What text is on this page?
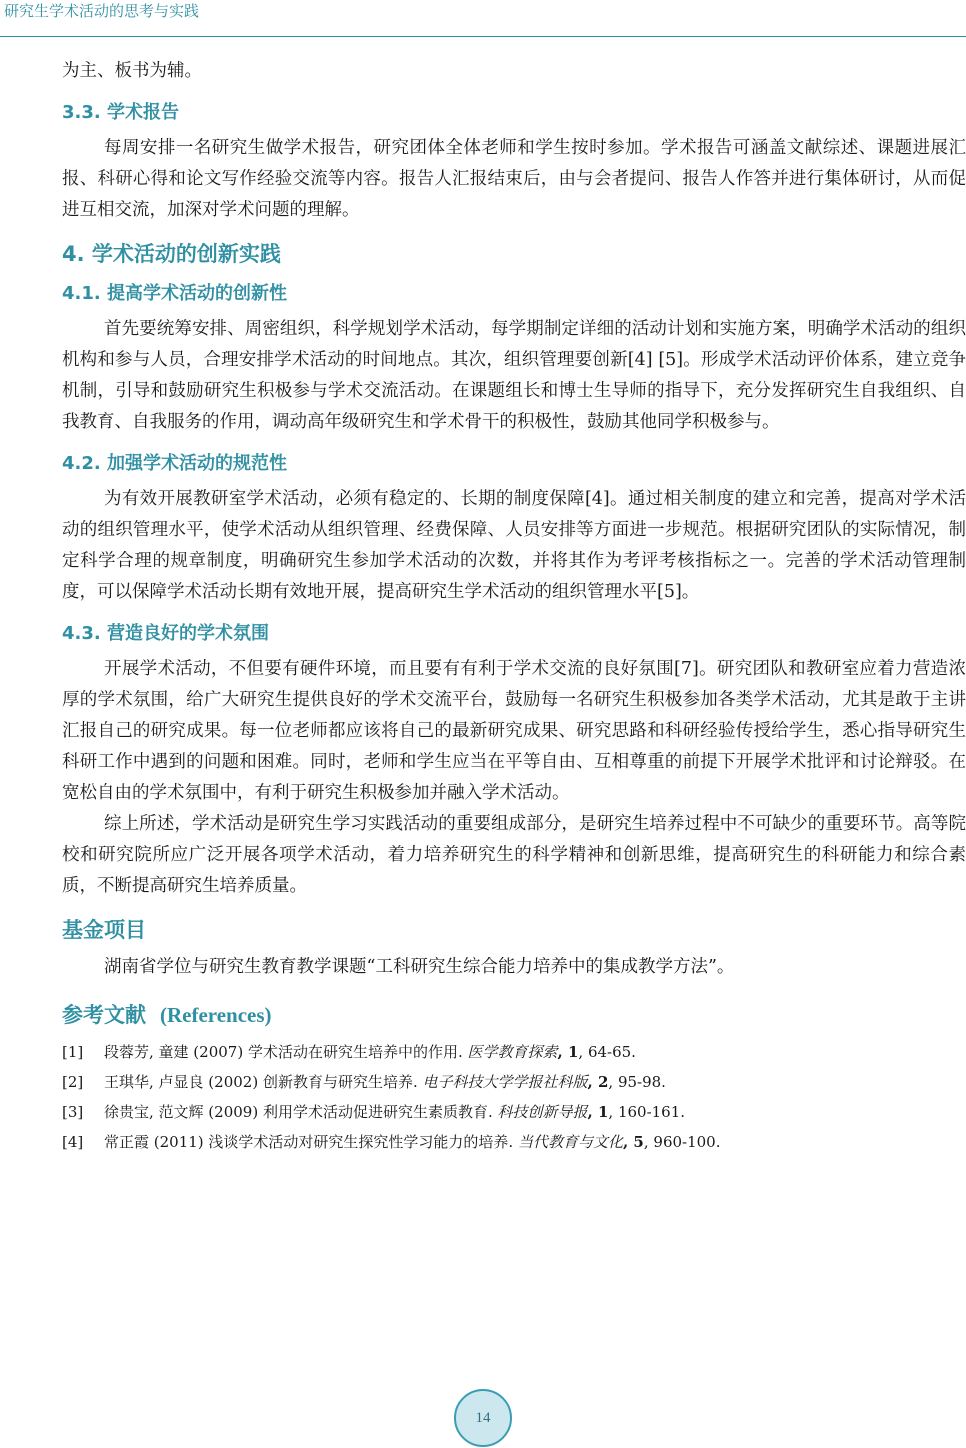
研究生学术活动的思考与实践

为主、板书为辅。

3.3. 学术报告

每周安排一名研究生做学术报告，研究团体全体老师和学生按时参加。学术报告可涵盖文献综述、课题进展汇报、科研心得和论文写作经验交流等内容。报告人汇报结束后，由与会者提问、报告人作答并进行集体研讨，从而促进互相交流，加深对学术问题的理解。

4. 学术活动的创新实践
4.1. 提高学术活动的创新性

首先要统筹安排、周密组织，科学规划学术活动，每学期制定详细的活动计划和实施方案，明确学术活动的组织机构和参与人员，合理安排学术活动的时间地点。其次，组织管理要创新[4] [5]。形成学术活动评价体系，建立竞争机制，引导和鼓励研究生积极参与学术交流活动。在课题组长和博士生导师的指导下，充分发挥研究生自我组织、自我教育、自我服务的作用，调动高年级研究生和学术骨干的积极性，鼓励其他同学积极参与。

4.2. 加强学术活动的规范性

为有效开展教研室学术活动，必须有稳定的、长期的制度保障[4]。通过相关制度的建立和完善，提高对学术活动的组织管理水平，使学术活动从组织管理、经费保障、人员安排等方面进一步规范。根据研究团队的实际情况，制定科学合理的规章制度，明确研究生参加学术活动的次数，并将其作为考评考核指标之一。完善的学术活动管理制度，可以保障学术活动长期有效地开展，提高研究生学术活动的组织管理水平[5]。

4.3. 营造良好的学术氛围

开展学术活动，不但要有硬件环境，而且要有有利于学术交流的良好氛围[7]。研究团队和教研室应着力营造浓厚的学术氛围，给广大研究生提供良好的学术交流平台，鼓励每一名研究生积极参加各类学术活动，尤其是敢于主讲汇报自己的研究成果。每一位老师都应该将自己的最新研究成果、研究思路和科研经验传授给学生，悉心指导研究生科研工作中遇到的问题和困难。同时，老师和学生应当在平等自由、互相尊重的前提下开展学术批评和讨论辩驳。在宽松自由的学术氛围中，有利于研究生积极参加并融入学术活动。

综上所述，学术活动是研究生学习实践活动的重要组成部分，是研究生培养过程中不可缺少的重要环节。高等院校和研究院所应广泛开展各项学术活动，着力培养研究生的科学精神和创新思维，提高研究生的科研能力和综合素质，不断提高研究生培养质量。

基金项目

湖南省学位与研究生教育教学课题“工科研究生综合能力培养中的集成教学方法”。

参考文献 (References)
[1]	段蓉芳, 童建 (2007) 学术活动在研究生培养中的作用. 医学教育探索, 1, 64-65.
[2]	王琪华, 卢显良 (2002) 创新教育与研究生培养. 电子科技大学学报社科版, 2, 95-98.
[3]	徐贵宝, 范文辉 (2009) 利用学术活动促进研究生素质教育. 科技创新导报, 1, 160-161.
[4]	常正霞 (2011) 浅谈学术活动对研究生探究性学习能力的培养. 当代教育与文化, 5, 960-100.
14
